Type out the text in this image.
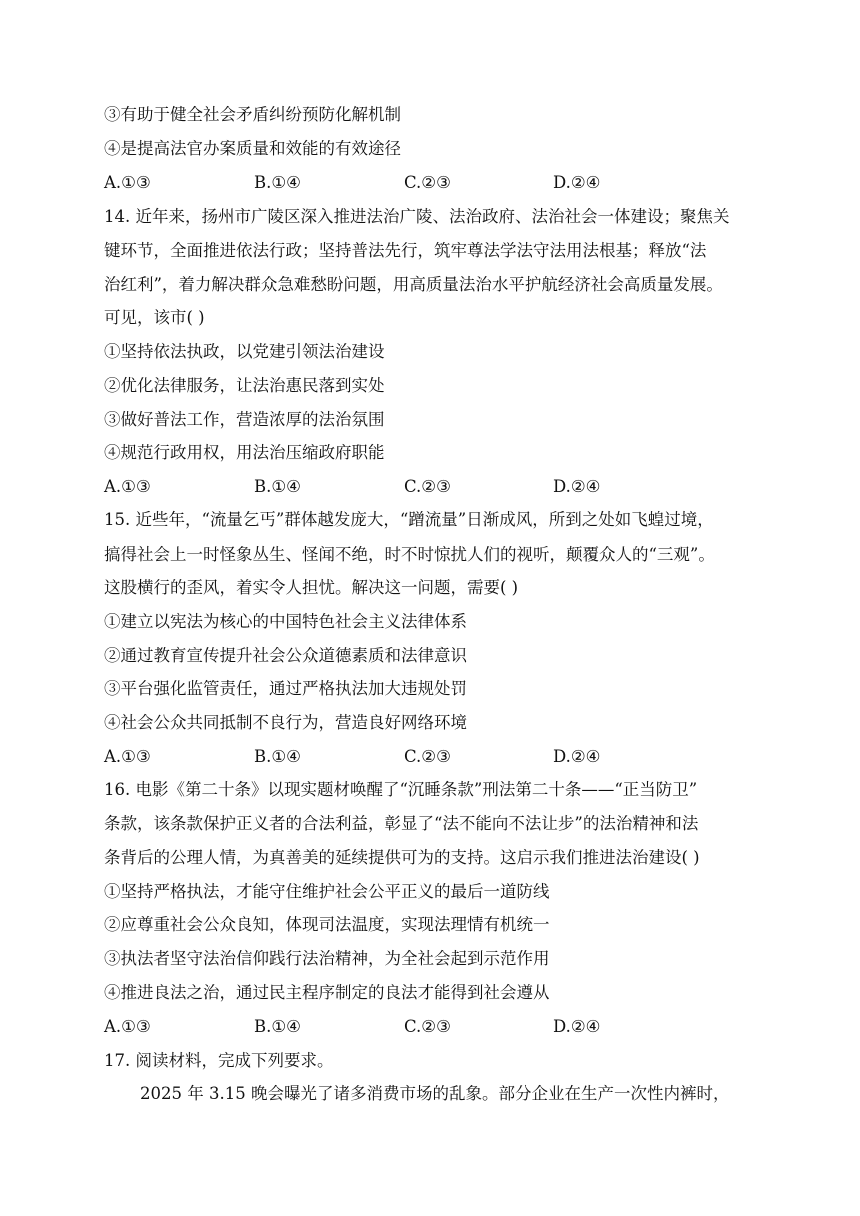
③有助于健全社会矛盾纠纷预防化解机制
④是提高法官办案质量和效能的有效途径
A.①③	B.①④	C.②③	D.②④
14. 近年来，扬州市广陵区深入推进法治广陵、法治政府、法治社会一体建设；聚焦关
键环节，全面推进依法行政；坚持普法先行，筑牢尊法学法守法用法根基；释放“法
治红利”，着力解决群众急难愁盼问题，用高质量法治水平护航经济社会高质量发展。
可见，该市( )
①坚持依法执政，以党建引领法治建设
②优化法律服务，让法治惠民落到实处
③做好普法工作，营造浓厚的法治氛围
④规范行政用权，用法治压缩政府职能
A.①③	B.①④	C.②③	D.②④
15. 近些年，“流量乞丐”群体越发庞大，“蹭流量”日渐成风，所到之处如飞蝗过境，
搞得社会上一时怪象丛生、怪闻不绝，时不时惊扰人们的视听，颠覆众人的“三观”。
这股横行的歪风，着实令人担忧。解决这一问题，需要( )
①建立以宪法为核心的中国特色社会主义法律体系
②通过教育宣传提升社会公众道德素质和法律意识
③平台强化监管责任，通过严格执法加大违规处罚
④社会公众共同抵制不良行为，营造良好网络环境
A.①③	B.①④	C.②③	D.②④
16. 电影《第二十条》以现实题材唤醒了“沉睡条款”刑法第二十条——“正当防卫”
条款，该条款保护正义者的合法利益，彰显了“法不能向不法让步”的法治精神和法
条背后的公理人情，为真善美的延续提供可为的支持。这启示我们推进法治建设( )
①坚持严格执法，才能守住维护社会公平正义的最后一道防线
②应尊重社会公众良知，体现司法温度，实现法理情有机统一
③执法者坚守法治信仰践行法治精神，为全社会起到示范作用
④推进良法之治，通过民主程序制定的良法才能得到社会遵从
A.①③	B.①④	C.②③	D.②④
17. 阅读材料，完成下列要求。
2025 年 3.15 晚会曝光了诸多消费市场的乱象。部分企业在生产一次性内裤时，
